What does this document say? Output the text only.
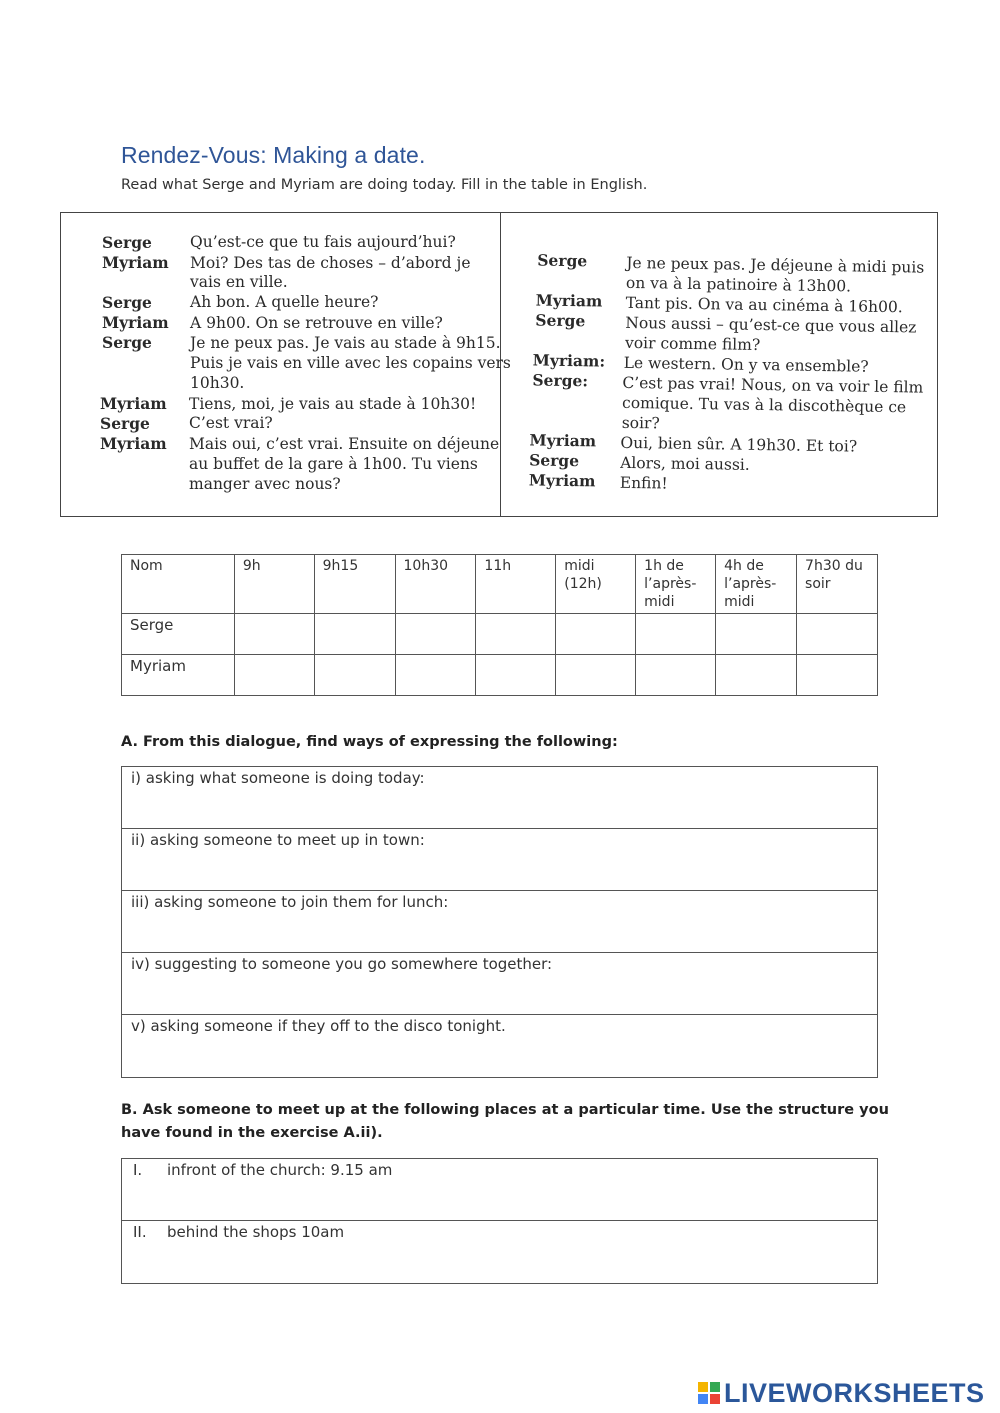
Rendez-Vous: Making a date.
Read what Serge and Myriam are doing today. Fill in the table in English.
Serge Qu’est-ce que tu fais aujourd’hui?
Myriam Moi? Des tas de choses – d’abord je
vais en ville.
Serge Ah bon. A quelle heure?
Myriam A 9h00. On se retrouve en ville?
Serge Je ne peux pas. Je vais au stade à 9h15.
Puis je vais en ville avec les copains vers
10h30.
Myriam Tiens, moi, je vais au stade à 10h30!
Serge	C’est vrai?
Myriam Mais oui, c’est vrai. Ensuite on déjeune
au buffet de la gare à 1h00. Tu viens
manger avec nous?
Serge	Je ne peux pas. Je déjeune à midi puis
on va à la patinoire à 13h00.
Myriam Tant pis. On va au cinéma à 16h00.
Serge	Nous aussi – qu’est-ce que vous allez
voir comme film?
Myriam: Le western. On y va ensemble?
Serge: C’est pas vrai! Nous, on va voir le film
comique. Tu vas à la discothèque ce
soir?
Myriam Oui, bien sûr. A 19h30. Et toi?
Serge	Alors, moi aussi.
Myriam Enfin!
Nom	9h	9h15	10h30	11h	midi (12h)	1h de l’après-midi	4h de l’après-midi	7h30 du soir
Serge								
Myriam								
A. From this dialogue, find ways of expressing the following:
i) asking what someone is doing today:
ii) asking someone to meet up in town:
iii) asking someone to join them for lunch:
iv) suggesting to someone you go somewhere together:
v) asking someone if they off to the disco tonight.
B. Ask someone to meet up at the following places at a particular time. Use the structure you have found in the exercise A.ii).
I. infront of the church: 9.15 am
II. behind the shops 10am
LIVEWORKSHEETS
